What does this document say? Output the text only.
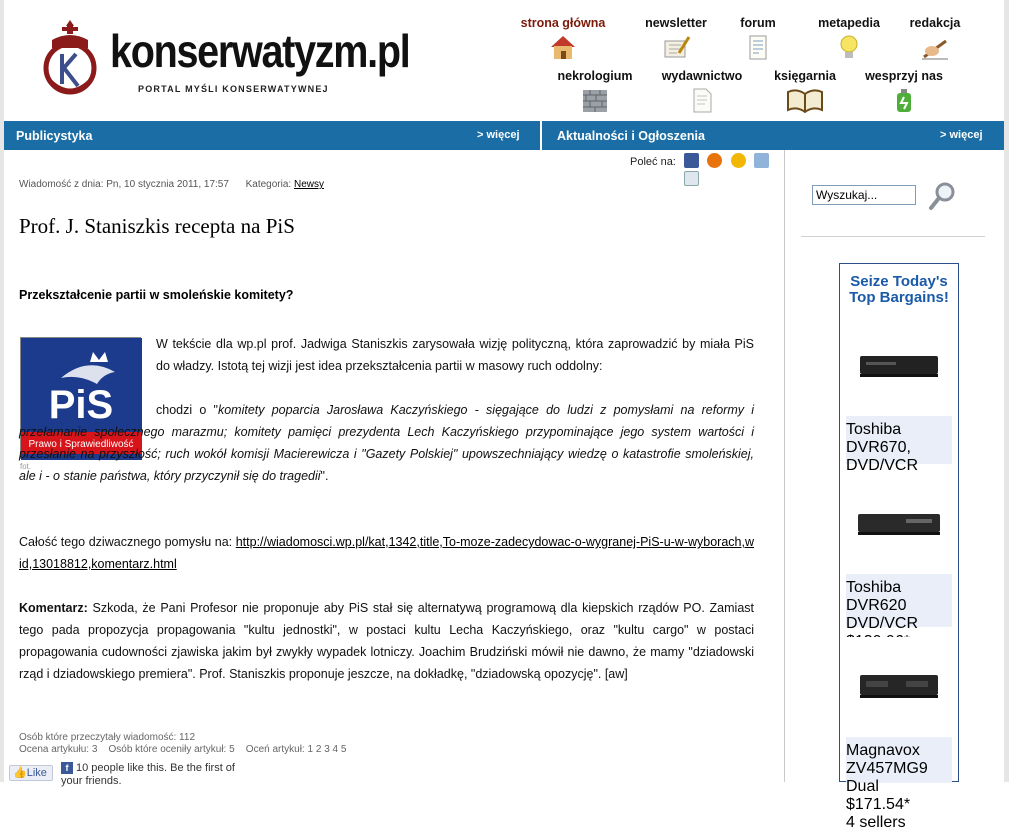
konserwatyzm.pl
PORTAL MYŚLI KONSERWATYWNEJ
strona główna	newsletter	forum	metapedia	redakcja
nekrologium	wydawnictwo	księgarnia	wesprzyj nas
Publicystyka	> więcej	Aktualności i Ogłoszenia	> więcej
Poleć na:

Wiadomość z dnia: Pn, 10 stycznia 2011, 17:57 Kategoria: Newsy
Prof. J. Staniszkis recepta na PiS
Przekształcenie partii w smoleńskie komitety?
PiS
Prawo i Sprawiedliwość
fot.
W tekście dla wp.pl prof. Jadwiga Staniszkis zarysowała wizję polityczną, która zaprowadzić by miała PiS do władzy. Istotą tej wizji jest idea przekształcenia partii w masowy ruch oddolny:
chodzi o "komitety poparcia Jarosława Kaczyńskiego - sięgające do ludzi z pomysłami na reformy i przełamanie społecznego marazmu; komitety pamięci prezydenta Lech Kaczyńskiego przypominające jego system wartości i przesłanie na przyszłość; ruch wokół komisji Macierewicza i "Gazety Polskiej" upowszechniający wiedzę o katastrofie smoleńskiej, ale i - o stanie państwa, który przyczynił się do tragedii".
Całość tego dziwacznego pomysłu na: http://wiadomosci.wp.pl/kat,1342,title,To-moze-zadecydowac-o-wygranej-PiS-u-w-wyborach,wid,13018812,komentarz.html
Komentarz: Szkoda, że Pani Profesor nie proponuje aby PiS stał się alternatywą programową dla kiepskich rządów PO. Zamiast tego pada propozycja propagowania "kultu jednostki", w postaci kultu Lecha Kaczyńskiego, oraz "kultu cargo" w postaci propagowania cudowności zjawiska jakim był zwykły wypadek lotniczy. Joachim Brudziński mówił nie dawno, że mamy "dziadowski rząd i dziadowskiego premiera". Prof. Staniszkis proponuje jeszcze, na dokładkę, "dziadowską opozycję". [aw]
Osób które przeczytały wiadomość: 112
Ocena artykułu: 3 Osób które oceniły artykuł: 5 Oceń artykuł: 1 2 3 4 5
👍Like	f 10 people like this. Be the first of your friends.
Wyszukaj...
Seize Today's Top Bargains!
Toshiba DVR670, DVD/VCR
Toshiba DVR620 DVD/VCR
Magnavox ZV457MG9 Dual
$171.54*
4 sellers
